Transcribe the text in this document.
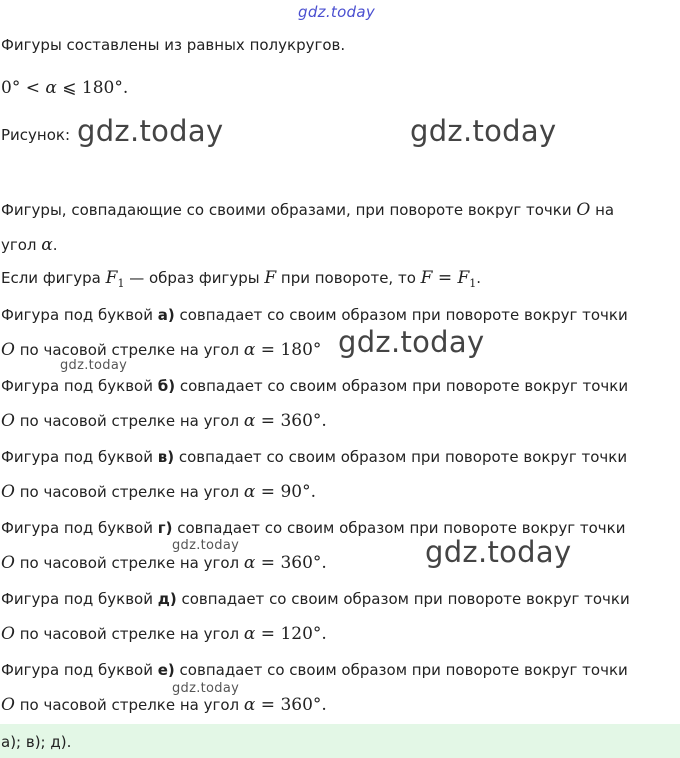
gdz.today
Фигуры составлены из равных полукругов.
0° < α ⩽ 180°.
Рисунок: gdz.today	gdz.today
Фигуры, совпадающие со своими образами, при повороте вокруг точки O на
угол α.
Если фигура $F_1$ — образ фигуры F при повороте, то $F = F_1$.
Фигура под буквой а) совпадает со своим образом при повороте вокруг точки
O по часовой стрелке на угол α = 180° gdz.today
gdz.today
Фигура под буквой б) совпадает со своим образом при повороте вокруг точки
O по часовой стрелке на угол α = 360°.
Фигура под буквой в) совпадает со своим образом при повороте вокруг точки
O по часовой стрелке на угол α = 90°.
Фигура под буквой г) совпадает со своим образом при повороте вокруг точки
O по часовой стрелке на угол α = 360°.
gdz.today	gdz.today
Фигура под буквой д) совпадает со своим образом при повороте вокруг точки
O по часовой стрелке на угол α = 120°.
Фигура под буквой е) совпадает со своим образом при повороте вокруг точки
O по часовой стрелке на угол α = 360°.
gdz.today
а); в); д).
